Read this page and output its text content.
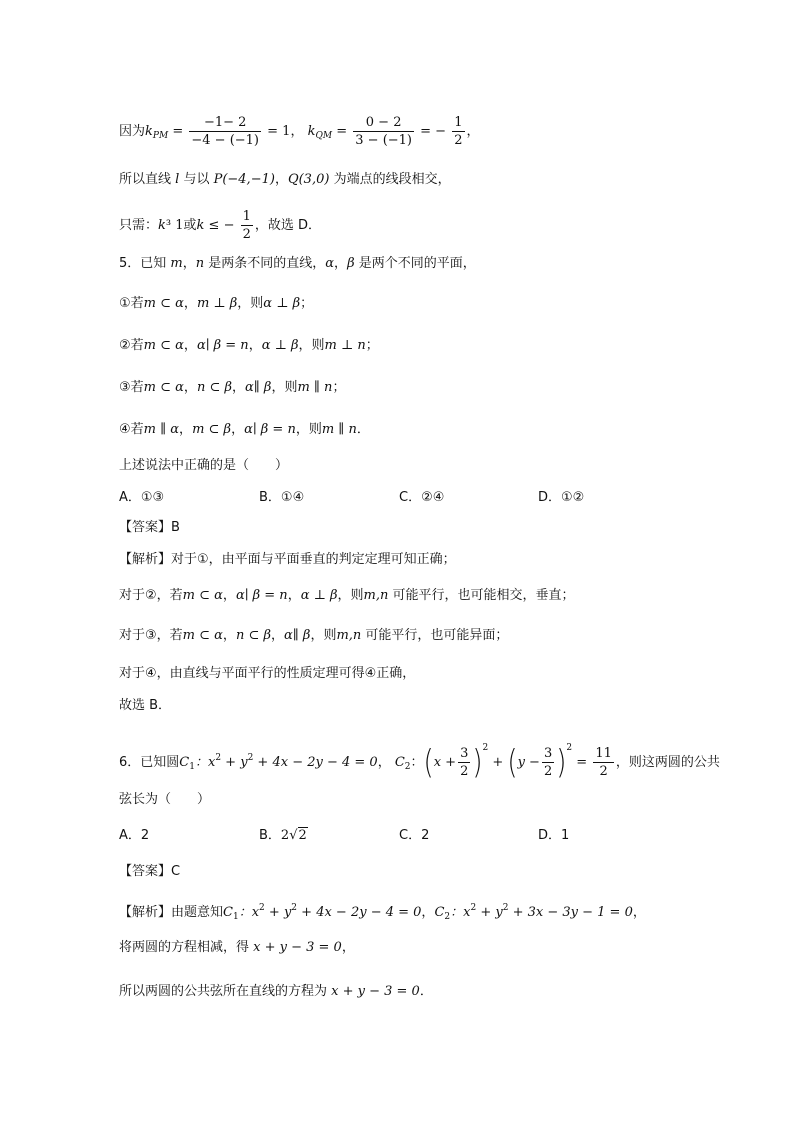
因为$k_{PM} = \frac{-1- 2}{-4 - (-1)} = 1$， $k_{QM} = \frac{0 - 2}{3 - (-1)}$ = − $\frac{1}{2}$ ，
所以直线 l 与以 P(−4,−1)，Q(3,0) 为端点的线段相交，
只需：k³ 1或k ≤ − $\frac{1}{2}$ ，故选 D．
5．已知 m，n 是两条不同的直线，α，β 是两个不同的平面，
①若m ⊂ α，m ⊥ β，则α ⊥ β；
②若m ⊂ α，α∣ β = n，α ⊥ β，则m ⊥ n；
③若m ⊂ α，n ⊂ β，α∥ β，则m ∥ n；
④若m ∥ α，m ⊂ β，α∣ β = n，则m ∥ n．
上述说法中正确的是（　　）
A．①③	B．①④	C．②④	D．①②
【答案】B
【解析】对于①，由平面与平面垂直的判定定理可知正确；
对于②，若m ⊂ α，α∣ β = n，α ⊥ β，则m,n 可能平行，也可能相交，垂直；
对于③，若m ⊂ α，n ⊂ β，α∥ β，则m,n 可能平行，也可能异面；
对于④，由直线与平面平行的性质定理可得④正确，
故选 B．
6．已知圆$C_1$：$x^2 + y^2 + 4x - 2y - 4 = 0$， $C_2$：$(x + \frac{3}{2} )^2 + (y - \frac{3}{2} )^2 = \frac{11}{2}$ ，则这两圆的公共
弦长为（　　）
A．2	B．2√2	C．2	D．1
【答案】C
【解析】由题意知$C_1$：$x^2 + y^2 + 4x - 2y - 4 = 0$，$C_2$：$x^2 + y^2 + 3x - 3y - 1 = 0$，
将两圆的方程相减，得 x + y − 3 = 0，
所以两圆的公共弦所在直线的方程为 x + y − 3 = 0．
